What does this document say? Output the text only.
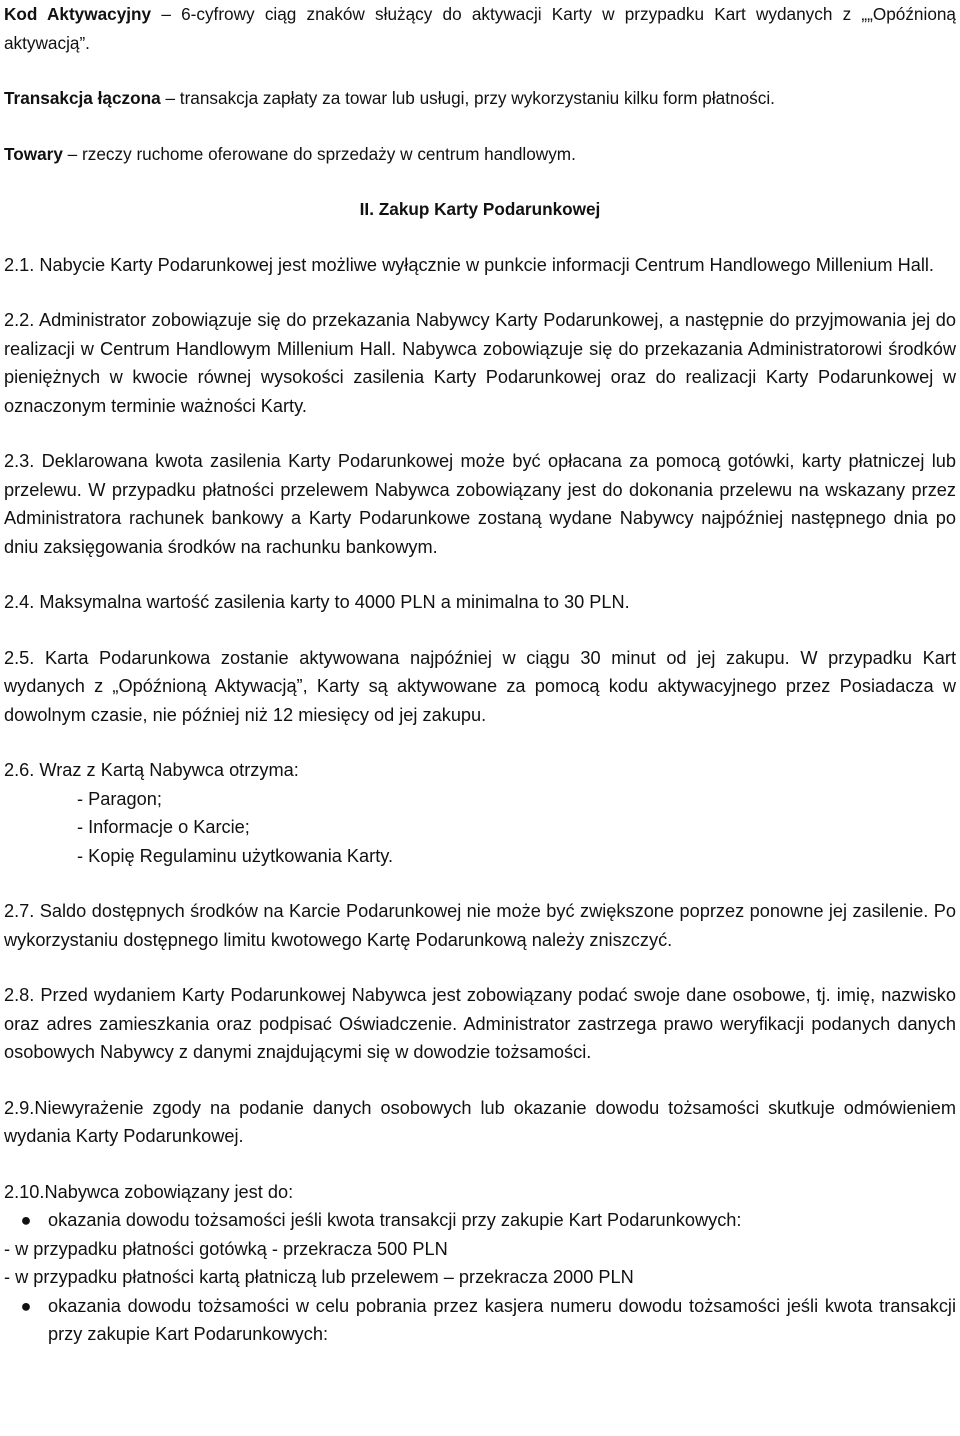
Kod Aktywacyjny – 6-cyfrowy ciąg znaków służący do aktywacji Karty w przypadku Kart wydanych z „„Opóźnioną aktywacją”.

Transakcja łączona – transakcja zapłaty za towar lub usługi, przy wykorzystaniu kilku form płatności.

Towary – rzeczy ruchome oferowane do sprzedaży w centrum handlowym.

II. Zakup Karty Podarunkowej

2.1. Nabycie Karty Podarunkowej jest możliwe wyłącznie w punkcie informacji Centrum Handlowego Millenium Hall.

2.2. Administrator zobowiązuje się do przekazania Nabywcy Karty Podarunkowej, a następnie do przyjmowania jej do realizacji w Centrum Handlowym Millenium Hall. Nabywca zobowiązuje się do przekazania Administratorowi środków pieniężnych w kwocie równej wysokości zasilenia Karty Podarunkowej oraz do realizacji Karty Podarunkowej w oznaczonym terminie ważności Karty.

2.3. Deklarowana kwota zasilenia Karty Podarunkowej może być opłacana za pomocą gotówki, karty płatniczej lub przelewu. W przypadku płatności przelewem Nabywca zobowiązany jest do dokonania przelewu na wskazany przez Administratora rachunek bankowy a Karty Podarunkowe zostaną wydane Nabywcy najpóźniej następnego dnia po dniu zaksięgowania środków na rachunku bankowym.

2.4. Maksymalna wartość zasilenia karty to 4000 PLN a minimalna to 30 PLN.

2.5. Karta Podarunkowa zostanie aktywowana najpóźniej w ciągu 30 minut od jej zakupu. W przypadku Kart wydanych z „Opóźnioną Aktywacją”, Karty są aktywowane za pomocą kodu aktywacyjnego przez Posiadacza w dowolnym czasie, nie później niż 12 miesięcy od jej zakupu.

2.6. Wraz z Kartą Nabywca otrzyma:

- Paragon;
- Informacje o Karcie;
- Kopię Regulaminu użytkowania Karty.

2.7. Saldo dostępnych środków na Karcie Podarunkowej nie może być zwiększone poprzez ponowne jej zasilenie. Po wykorzystaniu dostępnego limitu kwotowego Kartę Podarunkową należy zniszczyć.

2.8. Przed wydaniem Karty Podarunkowej Nabywca jest zobowiązany podać swoje dane osobowe, tj. imię, nazwisko oraz adres zamieszkania oraz podpisać Oświadczenie. Administrator zastrzega prawo weryfikacji podanych danych osobowych Nabywcy z danymi znajdującymi się w dowodzie tożsamości.

2.9.Niewyrażenie zgody na podanie danych osobowych lub okazanie dowodu tożsamości skutkuje odmówieniem wydania Karty Podarunkowej.

2.10.Nabywca zobowiązany jest do:

● okazania dowodu tożsamości jeśli kwota transakcji przy zakupie Kart Podarunkowych:

- w przypadku płatności gotówką - przekracza 500 PLN

- w przypadku płatności kartą płatniczą lub przelewem – przekracza 2000 PLN

● okazania dowodu tożsamości w celu pobrania przez kasjera numeru dowodu tożsamości jeśli kwota transakcji przy zakupie Kart Podarunkowych:
